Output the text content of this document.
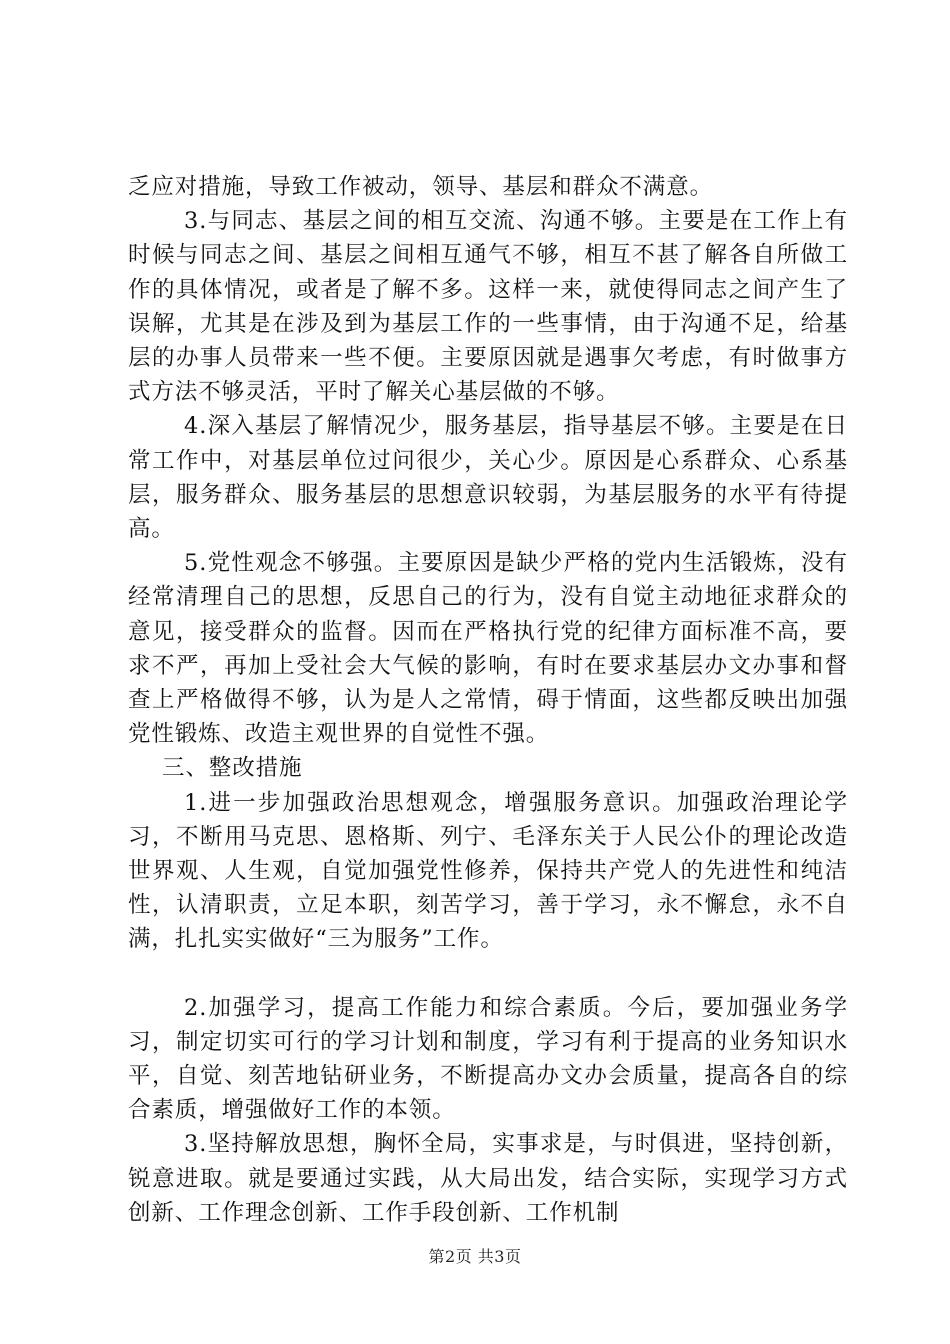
乏应对措施，导致工作被动，领导、基层和群众不满意。

3.与同志、基层之间的相互交流、沟通不够。主要是在工作上有时候与同志之间、基层之间相互通气不够，相互不甚了解各自所做工作的具体情况，或者是了解不多。这样一来，就使得同志之间产生了误解，尤其是在涉及到为基层工作的一些事情，由于沟通不足，给基层的办事人员带来一些不便。主要原因就是遇事欠考虑，有时做事方式方法不够灵活，平时了解关心基层做的不够。

4.深入基层了解情况少，服务基层，指导基层不够。主要是在日常工作中，对基层单位过问很少，关心少。原因是心系群众、心系基层，服务群众、服务基层的思想意识较弱，为基层服务的水平有待提高。

5.党性观念不够强。主要原因是缺少严格的党内生活锻炼，没有经常清理自己的思想，反思自己的行为，没有自觉主动地征求群众的意见，接受群众的监督。因而在严格执行党的纪律方面标准不高，要求不严，再加上受社会大气候的影响，有时在要求基层办文办事和督查上严格做得不够，认为是人之常情，碍于情面，这些都反映出加强党性锻炼、改造主观世界的自觉性不强。

三、整改措施

1.进一步加强政治思想观念，增强服务意识。加强政治理论学习，不断用马克思、恩格斯、列宁、毛泽东关于人民公仆的理论改造世界观、人生观，自觉加强党性修养，保持共产党人的先进性和纯洁性，认清职责，立足本职，刻苦学习，善于学习，永不懈怠，永不自满，扎扎实实做好“三为服务”工作。

2.加强学习，提高工作能力和综合素质。今后，要加强业务学习，制定切实可行的学习计划和制度，学习有利于提高的业务知识水平，自觉、刻苦地钻研业务，不断提高办文办会质量，提高各自的综合素质，增强做好工作的本领。

3.坚持解放思想，胸怀全局，实事求是，与时俱进，坚持创新，锐意进取。就是要通过实践，从大局出发，结合实际，实现学习方式创新、工作理念创新、工作手段创新、工作机制

第2页 共3页
